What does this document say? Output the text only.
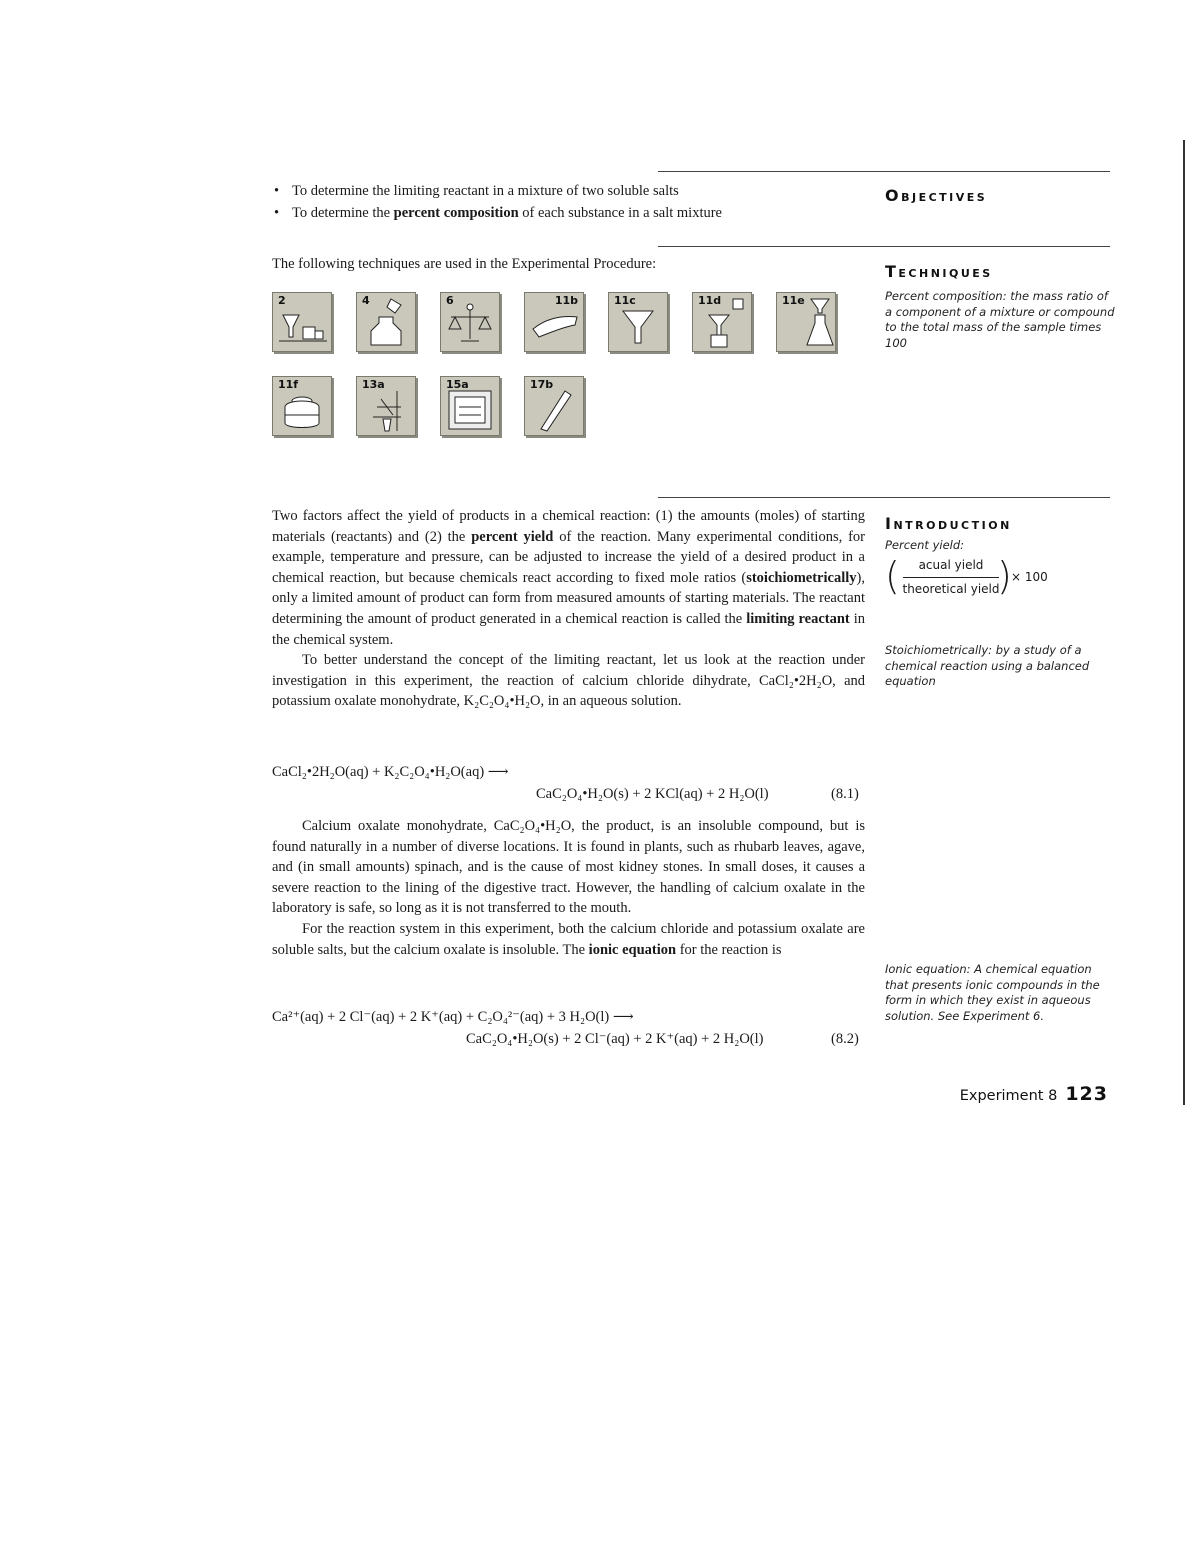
Objectives
• To determine the limiting reactant in a mixture of two soluble salts
• To determine the percent composition of each substance in a salt mixture
Techniques
The following techniques are used in the Experimental Procedure:
Percent composition: the mass ratio of a component of a mixture or compound to the total mass of the sample times 100
2	4	6	11b	11c	11d	11e
11f	13a	15a	17b
Introduction
Percent yield:
(	acual yield
theoretical yield
) × 100
Stoichiometrically: by a study of a chemical reaction using a balanced equation
Ionic equation: A chemical equation that presents ionic compounds in the form in which they exist in aqueous solution. See Experiment 6.

Two factors affect the yield of products in a chemical reaction: (1) the amounts (moles) of starting materials (reactants) and (2) the percent yield of the reaction. Many experimental conditions, for example, temperature and pressure, can be adjusted to increase the yield of a desired product in a chemical reaction, but because chemicals react according to fixed mole ratios (stoichiometrically), only a limited amount of product can form from measured amounts of starting materials. The reactant determining the amount of product generated in a chemical reaction is called the limiting reactant in the chemical system.

To better understand the concept of the limiting reactant, let us look at the reaction under investigation in this experiment, the reaction of calcium chloride dihydrate, CaCl₂•2H₂O, and potassium oxalate monohydrate, K₂C₂O₄•H₂O, in an aqueous solution.

CaCl₂•2H₂O(aq) + K₂C₂O₄•H₂O(aq) ⟶
CaC₂O₄•H₂O(s) + 2 KCl(aq) + 2 H₂O(l)	(8.1)

Calcium oxalate monohydrate, CaC₂O₄•H₂O, the product, is an insoluble compound, but is found naturally in a number of diverse locations. It is found in plants, such as rhubarb leaves, agave, and (in small amounts) spinach, and is the cause of most kidney stones. In small doses, it causes a severe reaction to the lining of the digestive tract. However, the handling of calcium oxalate in the laboratory is safe, so long as it is not transferred to the mouth.

For the reaction system in this experiment, both the calcium chloride and potassium oxalate are soluble salts, but the calcium oxalate is insoluble. The ionic equation for the reaction is

Ca²⁺(aq) + 2 Cl⁻(aq) + 2 K⁺(aq) + C₂O₄²⁻(aq) + 3 H₂O(l) ⟶
CaC₂O₄•H₂O(s) + 2 Cl⁻(aq) + 2 K⁺(aq) + 2 H₂O(l)	(8.2)
Experiment 8 123
